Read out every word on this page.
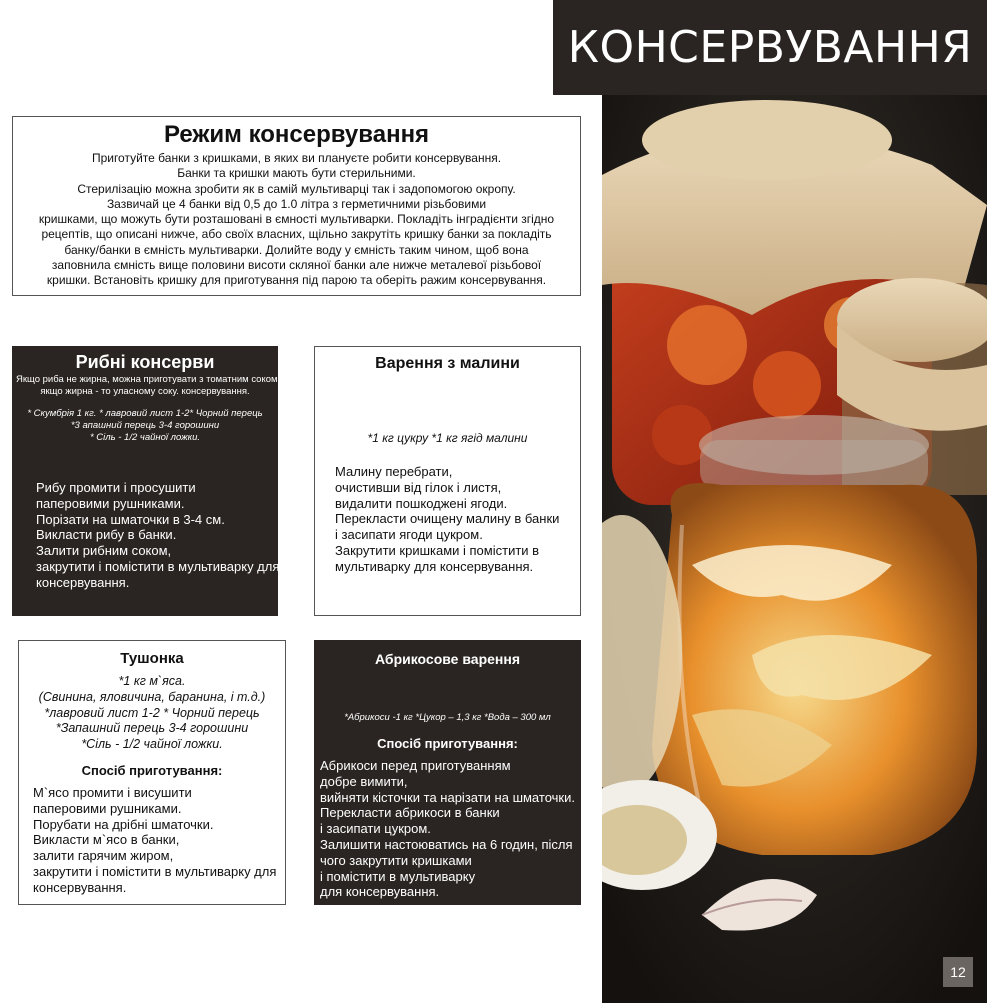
КОНСЕРВУВАННЯ
12
Режим консервування
Приготуйте банки з кришками, в яких ви плануєте робити консервування.
Банки та кришки мають бути стерильними.
Стерилізацію можна зробити як в самій мультиварці так і задопомогою окропу.
Зазвичай це 4 банки від 0,5 до 1.0 літра з герметичними різьбовими
кришками, що можуть бути розташовані в ємності мультиварки. Покладіть інградієнти згідно
рецептів, що описані нижче, або своїх власних, щільно закрутіть кришку банки за покладіть
банку/банки в ємність мультиварки. Долийте воду у ємність таким чином, щоб вона
заповнила ємність вище половини висоти скляної банки але нижче металевої різьбової
кришки. Встановіть кришку для приготування під парою та оберіть ражим консервування.
Рибні консерви
Якщо риба не жирна, можна приготувати з томатним соком,
якщо жирна - то уласному соку. консервування.
* Скумбрія 1 кг. * лавровий лист 1-2* Чорний перець
*3 апашний перець 3-4 горошини
* Сіль - 1/2 чайної ложки.
Рибу промити і просушити
паперовими рушниками.
Порізати на шматочки в 3-4 см.
Викласти рибу в банки.
Залити рибним соком,
закрутити і помістити в мультиварку для
консервування.
Варення з малини
*1 кг цукру *1 кг ягід малини
Малину перебрати,
очистивши від гілок і листя,
видалити пошкоджені ягоди.
Перекласти очищену малину в банки
і засипати ягоди цукром.
Закрутити кришками і помістити в
мультиварку для консервування.
Тушонка
*1 кг м`яса.
(Свинина, яловичина, баранина, і т.д.)
*лавровий лист 1-2 * Чорний перець
*Запашний перець 3-4 горошини
*Сіль - 1/2 чайної ложки.
Спосіб приготування:
М`ясо промити і висушити
паперовими рушниками.
Порубати на дрібні шматочки.
Викласти м`ясо в банки,
залити гарячим жиром,
закрутити і помістити в мультиварку для
консервування.
Абрикосове варення
*Абрикоси -1 кг *Цукор – 1,3 кг *Вода – 300 мл
Спосіб приготування:
Абрикоси перед приготуванням
добре вимити,
вийняти кісточки та нарізати на шматочки.
Перекласти абрикоси в банки
і засипати цукром.
Залишити настоюватись на 6 годин, після
чого закрутити кришками
і помістити в мультиварку
для консервування.
